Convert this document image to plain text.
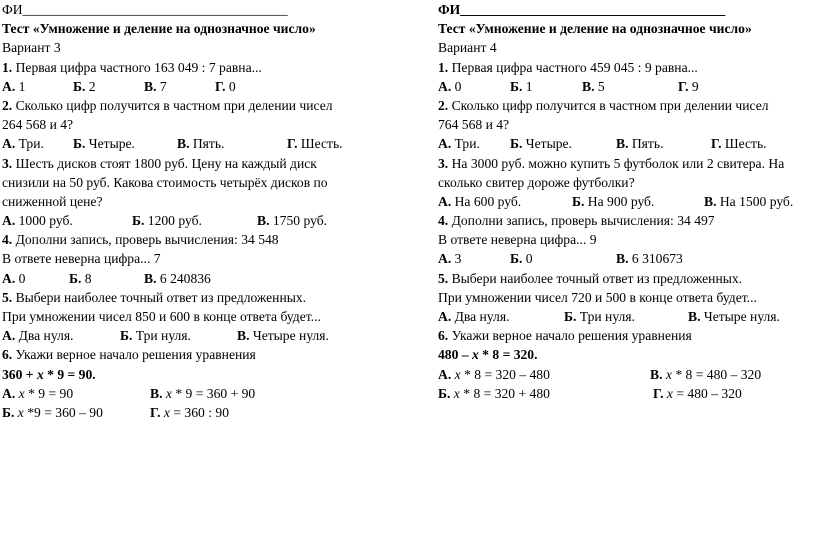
ФИ_______________________________________
Тест «Умножение и деление на однозначное число»
Вариант 3
1. Первая цифра частного 163 049 : 7 равна...
А. 1	Б. 2	В. 7	Г. 0
2. Сколько цифр получится в частном при делении чисел
264 568 и 4?
А. Три. Б. Четыре.	В. Пять.	Г. Шесть.
3. Шесть дисков стоят 1800 руб. Цену на каждый диск
снизили на 50 руб. Какова стоимость четырёх дисков по
сниженной цене?
А. 1000 руб.	Б. 1200 руб.	В. 1750 руб.
4. Дополни запись, проверь вычисления: 34 548
В ответе неверна цифра... 7
А. 0	Б. 8	В. 6 240836
5. Выбери наиболее точный ответ из предложенных.
При умножении чисел 850 и 600 в конце ответа будет...
А. Два нуля.	Б. Три нуля.	В. Четыре нуля.
6. Укажи верное начало решения уравнения
360 + x * 9 = 90.
А. x * 9 = 90	В. x * 9 = 360 + 90
Б. x *9 = 360 – 90	Г. x = 360 : 90
ФИ_______________________________________
Тест «Умножение и деление на однозначное число»
Вариант 4
1. Первая цифра частного 459 045 : 9 равна...
А. 0	Б. 1	В. 5	Г. 9
2. Сколько цифр получится в частном при делении чисел
764 568 и 4?
А. Три. Б. Четыре.	В. Пять.	Г. Шесть.
3. На 3000 руб. можно купить 5 футболок или 2 свитера. На
сколько свитер дороже футболки?
А. На 600 руб.	Б. На 900 руб.	В. На 1500 руб.
4. Дополни запись, проверь вычисления: 34 497
В ответе неверна цифра... 9
А. 3	Б. 0	В. 6 310673
5. Выбери наиболее точный ответ из предложенных.
При умножении чисел 720 и 500 в конце ответа будет...
А. Два нуля.	Б. Три нуля.	В. Четыре нуля.
6. Укажи верное начало решения уравнения
480 – x * 8 = 320.
А. x * 8 = 320 – 480	В. x * 8 = 480 – 320
Б. x * 8 = 320 + 480	Г. x = 480 – 320
